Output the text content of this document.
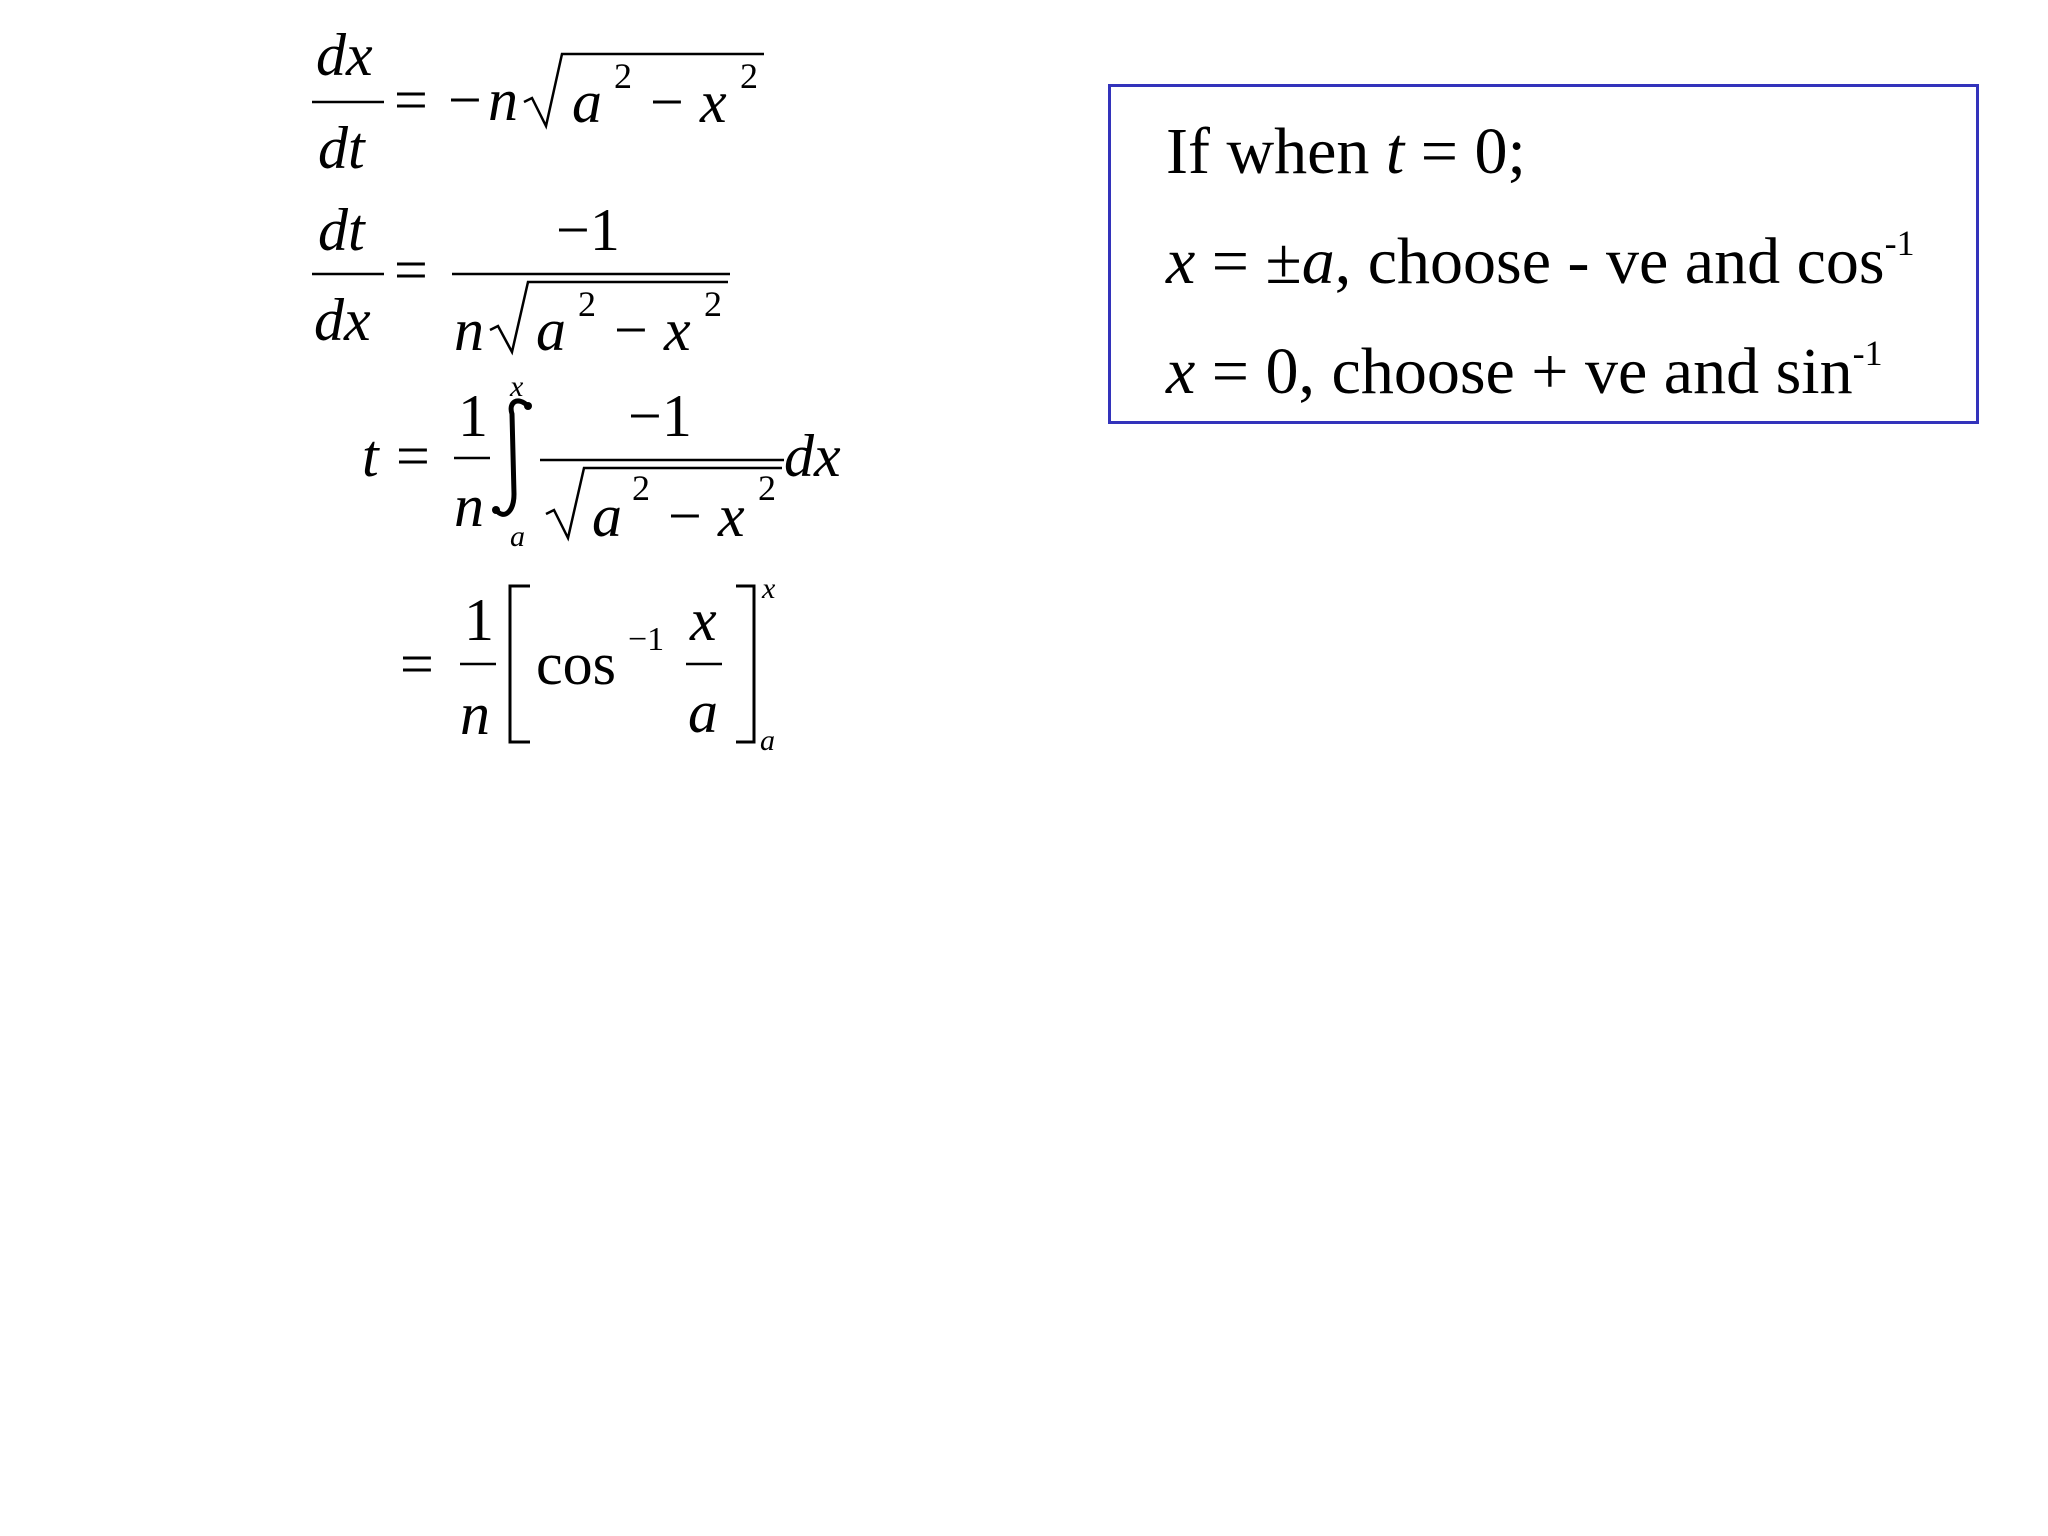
dx
dt
= − n a 2 − x 2
dt
dx
=
−1
n a 2 − x 2
t =
1
n
x
a
−1
a 2 − x 2 dx
=
1
n
cos −1 x
a
x
a
If when t = 0;
x = ±a, choose - ve and $\cos^{-1}$
x = 0, choose + ve and $\sin^{-1}$
